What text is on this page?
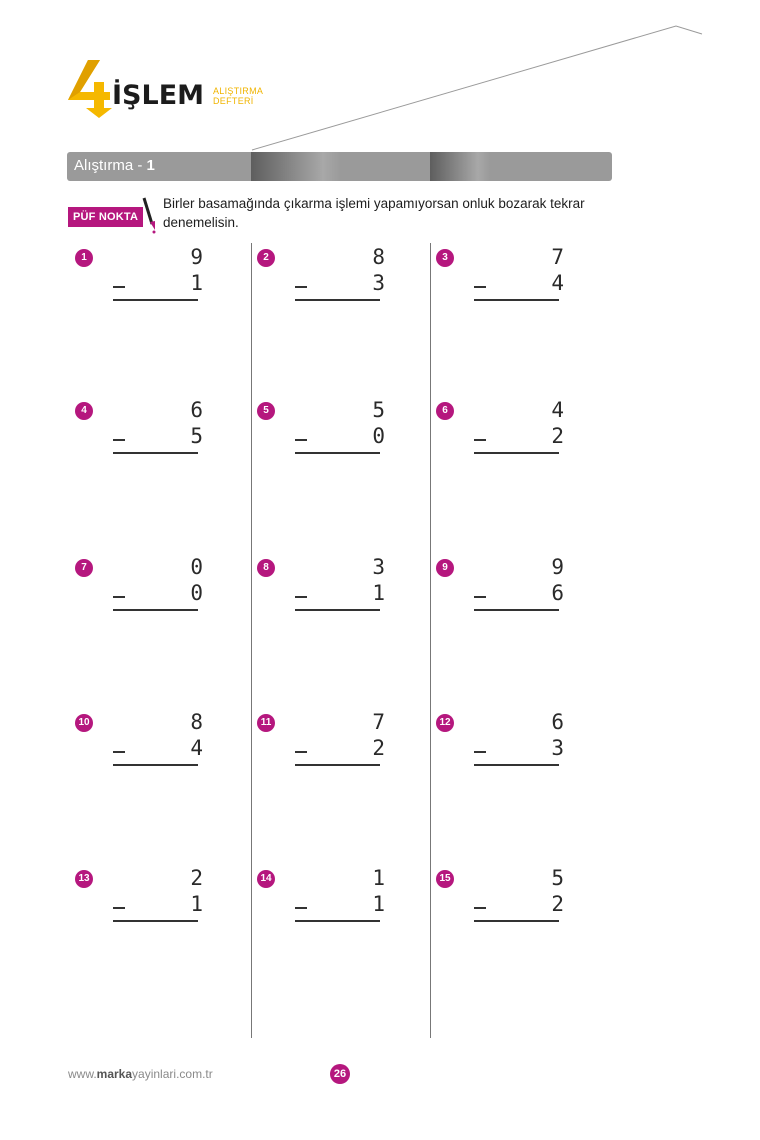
İŞLEM ALIŞTIRMA
DEFTERİ
Alıştırma - 1
PÜF NOKTA
Birler basamağında çıkarma işlemi yapamıyorsan onluk bozarak tekrar denemelisin.
1	9
1
2	8
3
3	7
4
4	6
5
5	5
0
6	4
2
7	0
0
8	3
1
9	9
6
10	8
4
11	7
2
12	6
3
13	2
1
14	1
1
15	5
2
www.markayayinlari.com.tr	26
